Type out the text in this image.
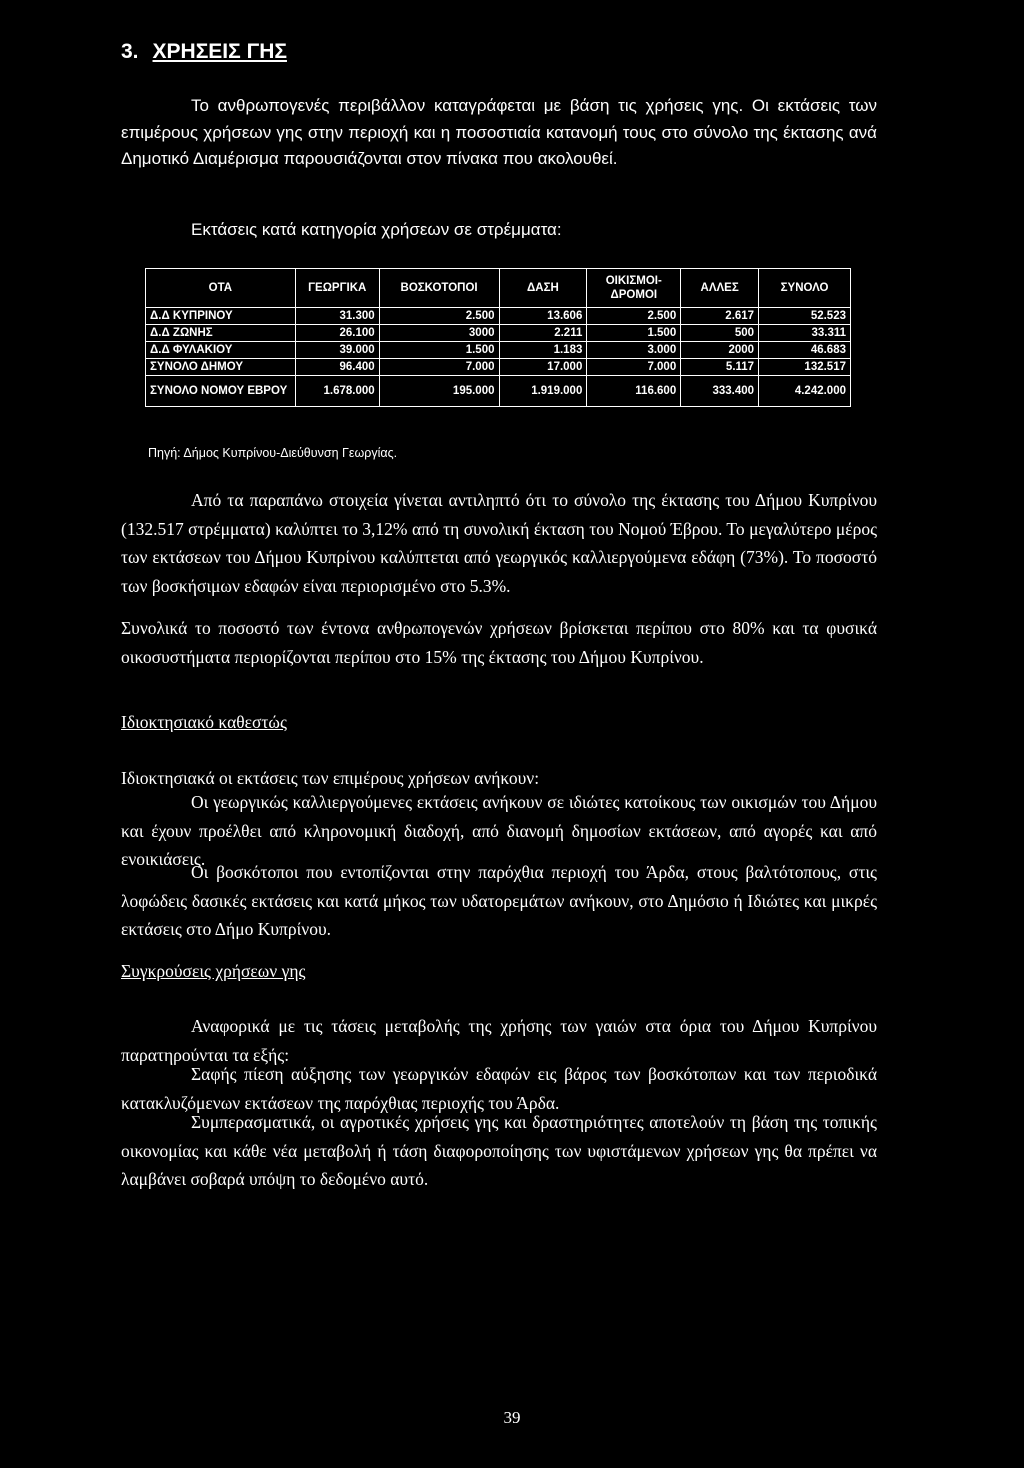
3. ΧΡΗΣΕΙΣ ΓΗΣ
Το ανθρωπογενές περιβάλλον καταγράφεται με βάση τις χρήσεις γης. Οι εκτάσεις των επιμέρους χρήσεων γης στην περιοχή και η ποσοστιαία κατανομή τους στο σύνολο της έκτασης ανά Δημοτικό Διαμέρισμα παρουσιάζονται στον πίνακα που ακολουθεί.
Εκτάσεις κατά κατηγορία χρήσεων σε στρέμματα:
ΟΤΑ	ΓΕΩΡΓΙΚΑ	ΒΟΣΚΟΤΟΠΟΙ	ΔΑΣΗ	ΟΙΚΙΣΜΟΙ-ΔΡΟΜΟΙ	ΑΛΛΕΣ	ΣΥΝΟΛΟ
Δ.Δ ΚΥΠΡΙΝΟΥ	31.300	2.500	13.606	2.500	2.617	52.523
Δ.Δ ΖΩΝΗΣ	26.100	3000	2.211	1.500	500	33.311
Δ.Δ ΦΥΛΑΚΙΟΥ	39.000	1.500	1.183	3.000	2000	46.683
ΣΥΝΟΛΟ ΔΗΜΟΥ	96.400	7.000	17.000	7.000	5.117	132.517
ΣΥΝΟΛΟ ΝΟΜΟΥ ΕΒΡΟΥ	1.678.000	195.000	1.919.000	116.600	333.400	4.242.000
Πηγή: Δήμος Κυπρίνου-Διεύθυνση Γεωργίας.
Από τα παραπάνω στοιχεία γίνεται αντιληπτό ότι το σύνολο της έκτασης του Δήμου Κυπρίνου (132.517 στρέμματα) καλύπτει το 3,12% από τη συνολική έκταση του Νομού Έβρου. Το μεγαλύτερο μέρος των εκτάσεων του Δήμου Κυπρίνου καλύπτεται από γεωργικός καλλιεργούμενα εδάφη (73%). Το ποσοστό των βοσκήσιμων εδαφών είναι περιορισμένο στο 5.3%.
Συνολικά το ποσοστό των έντονα ανθρωπογενών χρήσεων βρίσκεται περίπου στο 80% και τα φυσικά οικοσυστήματα περιορίζονται περίπου στο 15% της έκτασης του Δήμου Κυπρίνου.
Ιδιοκτησιακό καθεστώς
Ιδιοκτησιακά οι εκτάσεις των επιμέρους χρήσεων ανήκουν:
Οι γεωργικώς καλλιεργούμενες εκτάσεις ανήκουν σε ιδιώτες κατοίκους των οικισμών του Δήμου και έχουν προέλθει από κληρονομική διαδοχή, από διανομή δημοσίων εκτάσεων, από αγορές και από ενοικιάσεις.
Οι βοσκότοποι που εντοπίζονται στην παρόχθια περιοχή του Άρδα, στους βαλτότοπους, στις λοφώδεις δασικές εκτάσεις και κατά μήκος των υδατορεμάτων ανήκουν, στο Δημόσιο ή Ιδιώτες και μικρές εκτάσεις στο Δήμο Κυπρίνου.
Συγκρούσεις χρήσεων γης
Αναφορικά με τις τάσεις μεταβολής της χρήσης των γαιών στα όρια του Δήμου Κυπρίνου παρατηρούνται τα εξής:
Σαφής πίεση αύξησης των γεωργικών εδαφών εις βάρος των βοσκότοπων και των περιοδικά κατακλυζόμενων εκτάσεων της παρόχθιας περιοχής του Άρδα.
Συμπερασματικά, οι αγροτικές χρήσεις γης και δραστηριότητες αποτελούν τη βάση της τοπικής οικονομίας και κάθε νέα μεταβολή ή τάση διαφοροποίησης των υφιστάμενων χρήσεων γης θα πρέπει να λαμβάνει σοβαρά υπόψη το δεδομένο αυτό.
39
